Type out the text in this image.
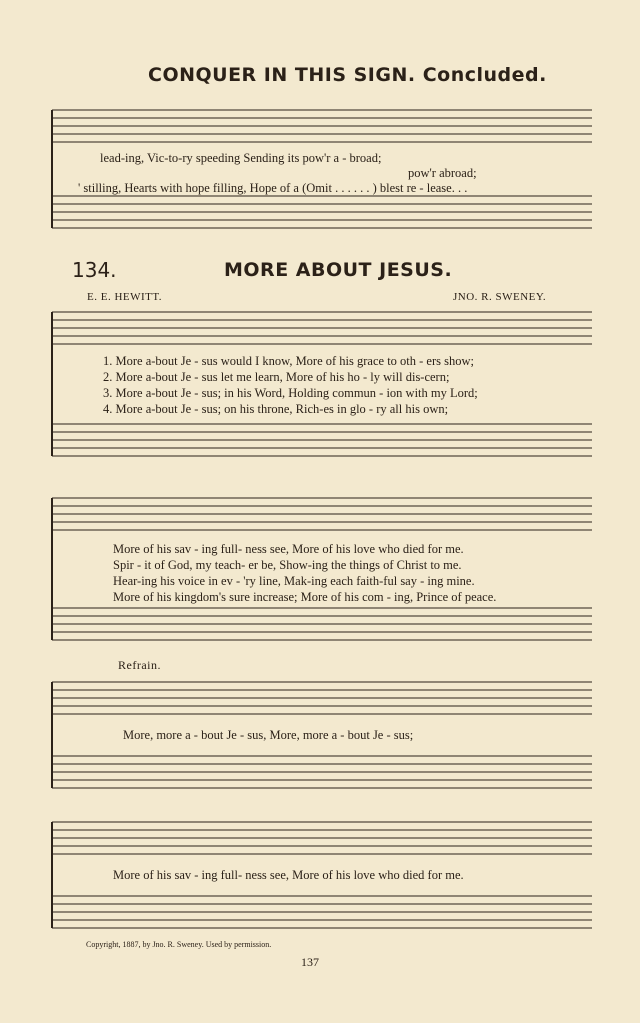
CONQUER IN THIS SIGN. Concluded.
lead-ing, Vic-to-ry speeding Sending its pow'r a - broad;
pow'r abroad;
' stilling, Hearts with hope filling, Hope of a (Omit . . . . . . ) blest re - lease. . .
134.	MORE ABOUT JESUS.
E. E. HEWITT.	JNO. R. SWENEY.
1. More a-bout Je - sus would I know, More of his grace to oth - ers show;
2. More a-bout Je - sus let me learn, More of his ho - ly will dis-cern;
3. More a-bout Je - sus; in his Word, Holding commun - ion with my Lord;
4. More a-bout Je - sus; on his throne, Rich-es in glo - ry all his own;
More of his sav - ing full- ness see, More of his love who died for me.
Spir - it of God, my teach- er be, Show-ing the things of Christ to me.
Hear-ing his voice in ev - 'ry line, Mak-ing each faith-ful say - ing mine.
More of his kingdom's sure increase; More of his com - ing, Prince of peace.
Refrain.
More, more a - bout Je - sus, More, more a - bout Je - sus;
More of his sav - ing full- ness see, More of his love who died for me.
Copyright, 1887, by Jno. R. Sweney. Used by permission.
137
